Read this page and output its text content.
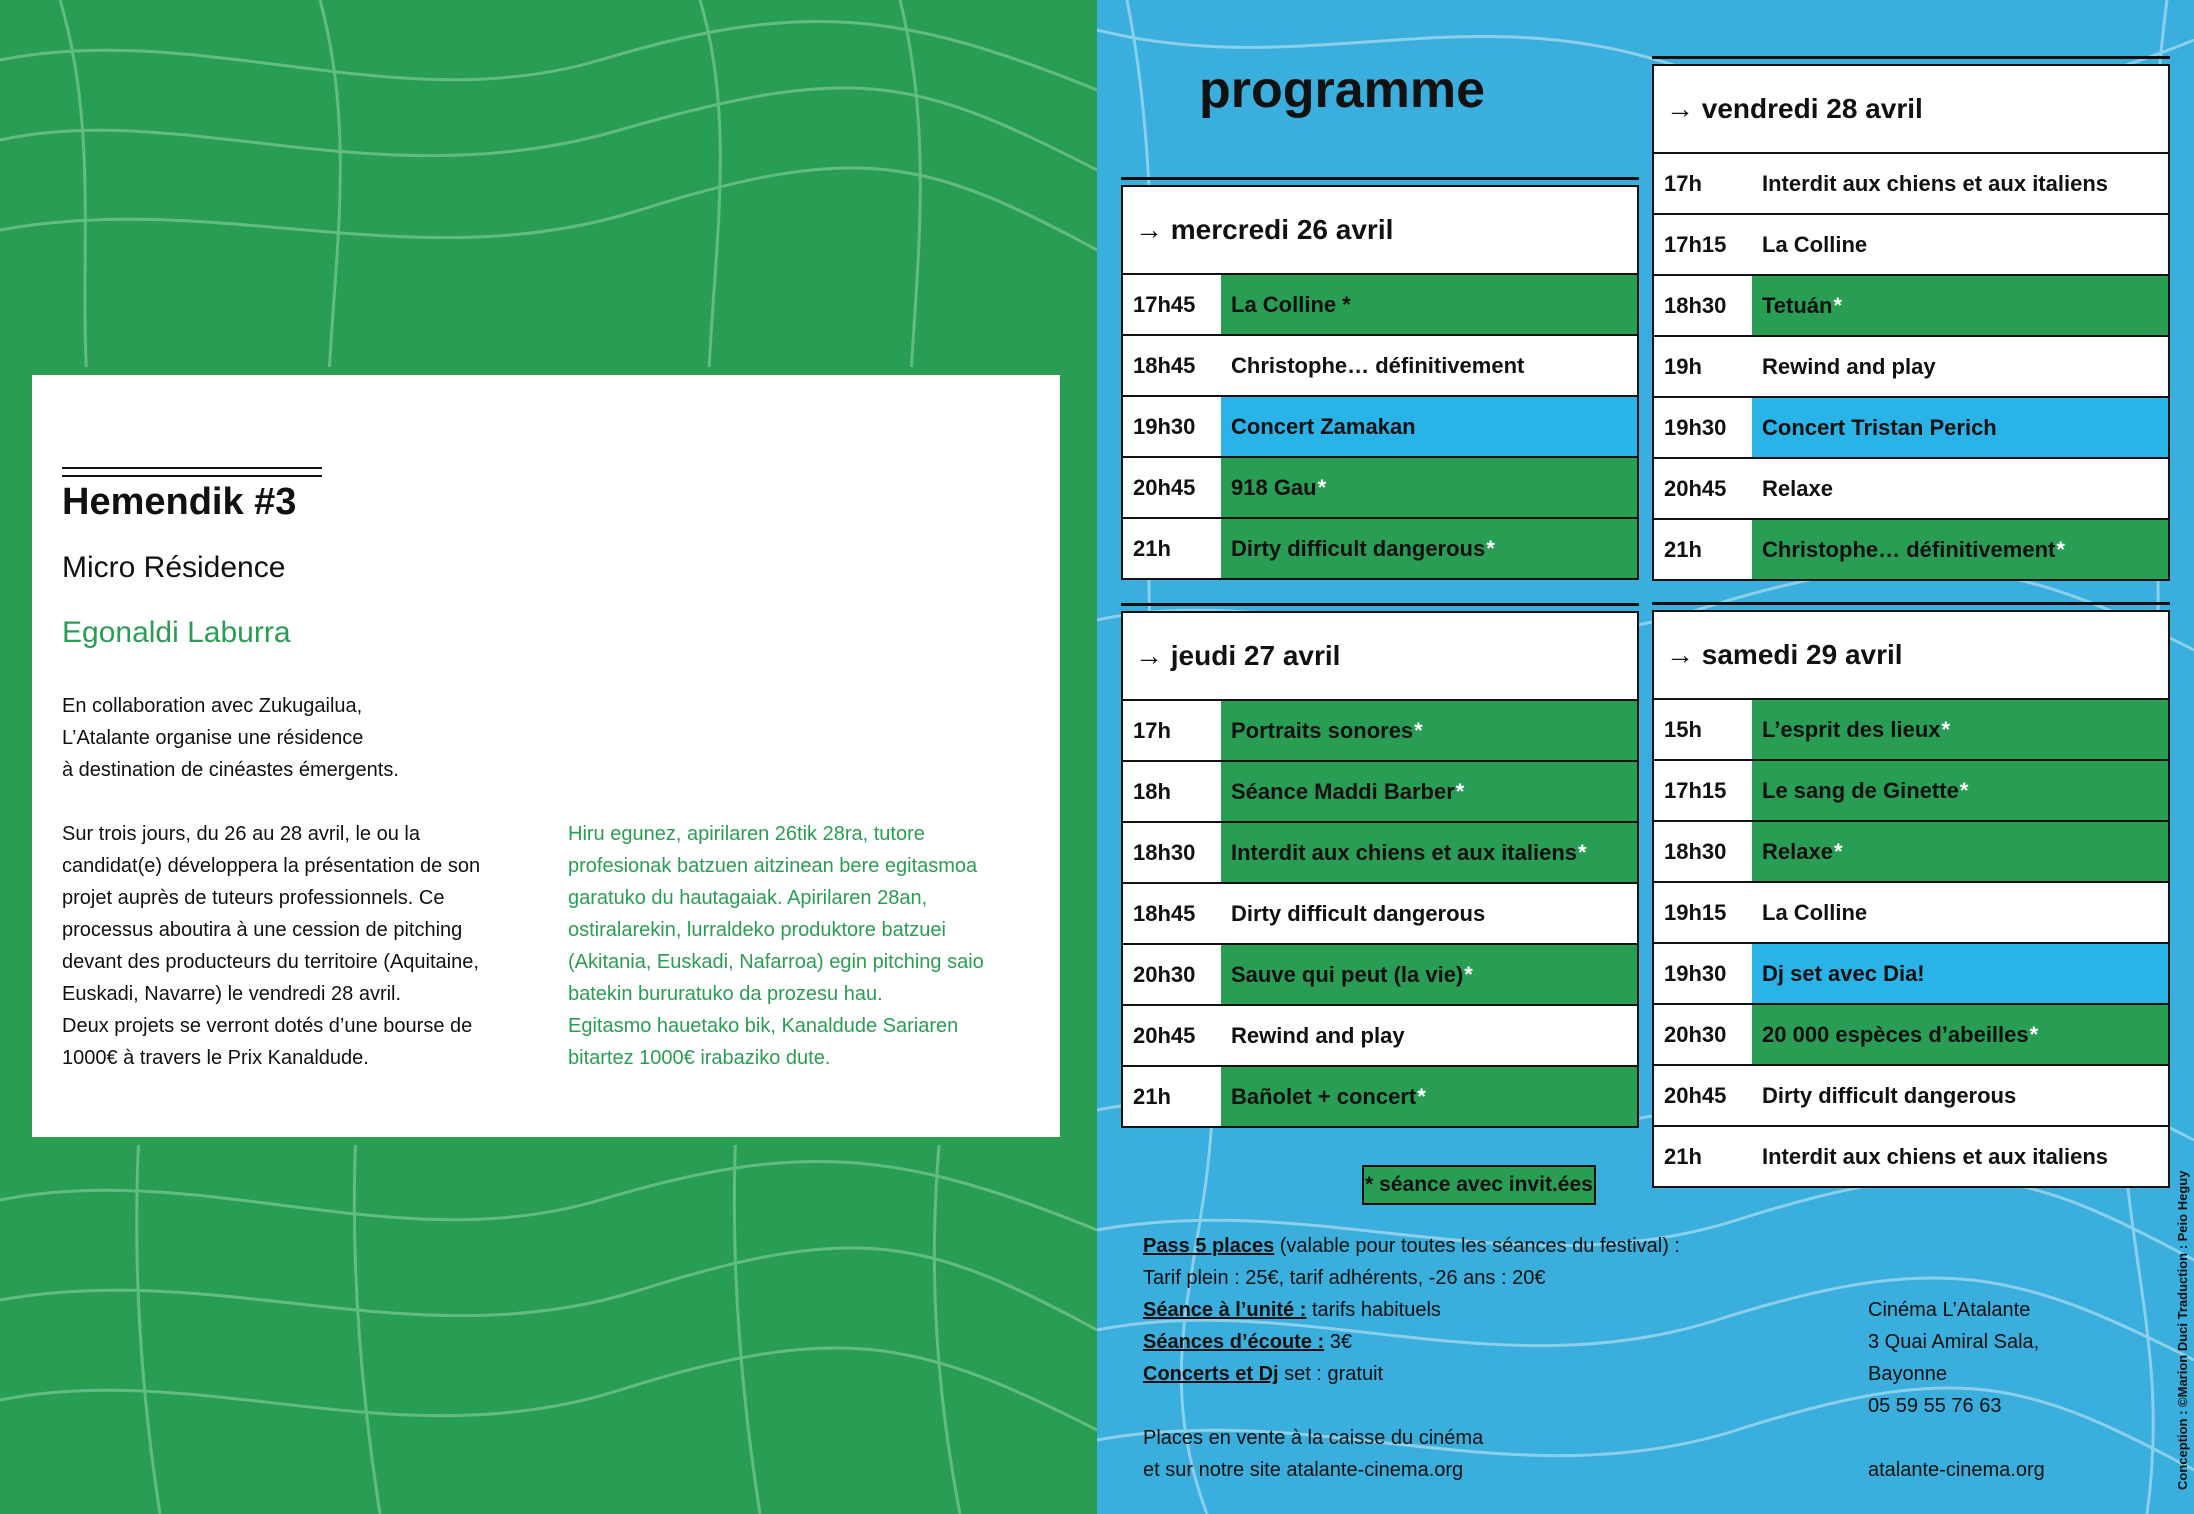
Hemendik #3
Micro Résidence
Egonaldi Laburra

En collaboration avec Zukugailua,
L’Atalante organise une résidence
à destination de cinéastes émergents.

Sur trois jours, du 26 au 28 avril, le ou la
candidat(e) développera la présentation de son
projet auprès de tuteurs professionnels. Ce
processus aboutira à une cession de pitching
devant des producteurs du territoire (Aquitaine,
Euskadi, Navarre) le vendredi 28 avril.
Deux projets se verront dotés d’une bourse de
1000€ à travers le Prix Kanaldude.

Hiru egunez, apirilaren 26tik 28ra, tutore
profesionak batzuen aitzinean bere egitasmoa
garatuko du hautagaiak. Apirilaren 28an,
ostiralarekin, lurraldeko produktore batzuei
(Akitania, Euskadi, Nafarroa) egin pitching saio
batekin bururatuko da prozesu hau.
Egitasmo hauetako bik, Kanaldude Sariaren
bitartez 1000€ irabaziko dute.

programme
→ mercredi 26 avril
17h45	La Colline *
18h45	Christophe… définitivement
19h30	Concert Zamakan
20h45	918 Gau *
21h	Dirty difficult dangerous *
→ vendredi 28 avril
17h	Interdit aux chiens et aux italiens
17h15	La Colline
18h30	Tetuán *
19h	Rewind and play
19h30	Concert Tristan Perich
20h45	Relaxe
21h	Christophe… définitivement *
→ jeudi 27 avril
17h	Portraits sonores *
18h	Séance Maddi Barber *
18h30	Interdit aux chiens et aux italiens *
18h45	Dirty difficult dangerous
20h30	Sauve qui peut (la vie) *
20h45	Rewind and play
21h	Bañolet + concert *
→ samedi 29 avril
15h	L’esprit des lieux *
17h15	Le sang de Ginette *
18h30	Relaxe *
19h15	La Colline
19h30	Dj set avec Dia!
20h30	20 000 espèces d’abeilles *
20h45	Dirty difficult dangerous
21h	Interdit aux chiens et aux italiens
* séance avec invit.ées

Pass 5 places (valable pour toutes les séances du festival) :
Tarif plein : 25€, tarif adhérents, -26 ans : 20€
Séance à l’unité : tarifs habituels
Séances d’écoute : 3€
Concerts et Dj set : gratuit

Places en vente à la caisse du cinéma
et sur notre site atalante-cinema.org

Cinéma L’Atalante
3 Quai Amiral Sala,
Bayonne
05 59 55 76 63

atalante-cinema.org	Conception : ©Marion Duci Traduction : Peio Heguy
